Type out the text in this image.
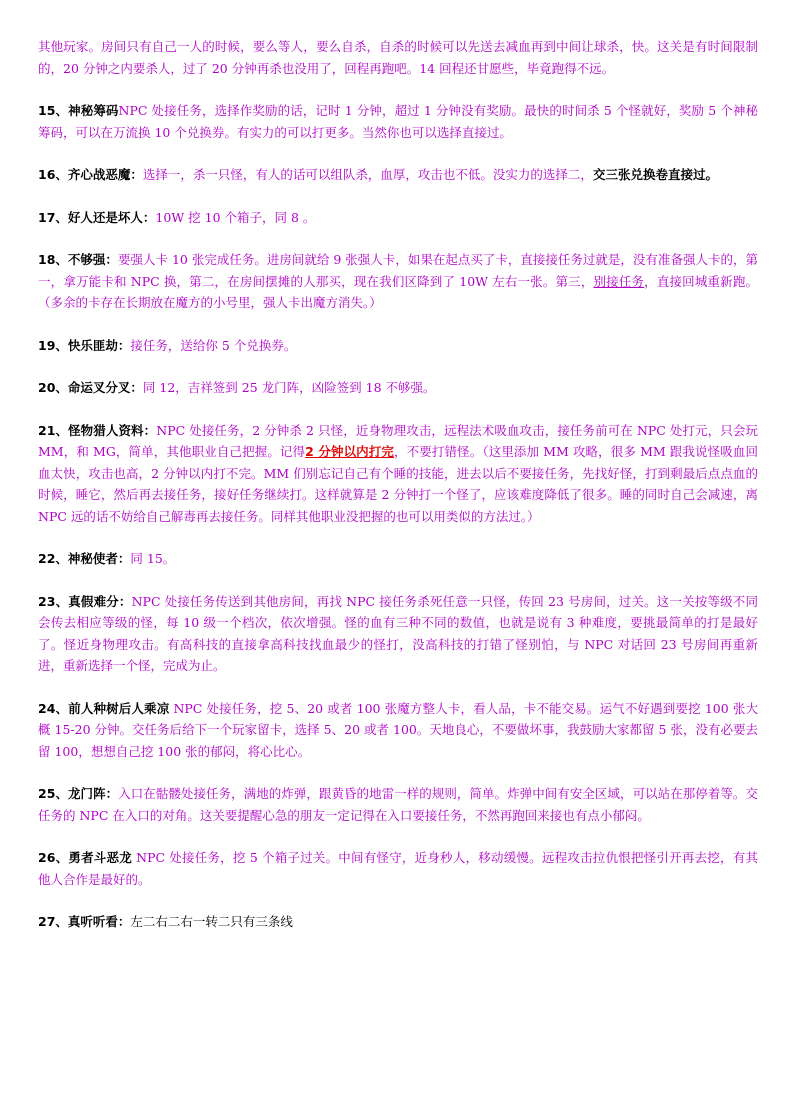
其他玩家。房间只有自己一人的时候，要么等人，要么自杀，自杀的时候可以先送去减血再到中间让球杀，快。这关是有时间限制的，20 分钟之内要杀人，过了 20 分钟再杀也没用了，回程再跑吧。14 回程还甘愿些，毕竟跑得不远。

15、神秘筹码NPC 处接任务，选择作奖励的话，记时 1 分钟，超过 1 分钟没有奖励。最快的时间杀 5 个怪就好，奖励 5 个神秘筹码，可以在万流换 10 个兑换券。有实力的可以打更多。当然你也可以选择直接过。

16、齐心战恶魔：选择一，杀一只怪，有人的话可以组队杀，血厚，攻击也不低。没实力的选择二，交三张兑换卷直接过。

17、好人还是坏人：10W 挖 10 个箱子，同 8 。

18、不够强：要强人卡 10 张完成任务。进房间就给 9 张强人卡，如果在起点买了卡，直接接任务过就是，没有准备强人卡的，第一，拿万能卡和 NPC 换，第二，在房间摆摊的人那买，现在我们区降到了 10W 左右一张。第三，别接任务，直接回城重新跑。（多余的卡存在长期放在魔方的小号里，强人卡出魔方消失。）

19、快乐匪劫：接任务，送给你 5 个兑换券。

20、命运叉分叉：同 12，吉祥签到 25 龙门阵，凶险签到 18 不够强。

21、怪物猎人资料：NPC 处接任务，2 分钟杀 2 只怪，近身物理攻击，远程法术吸血攻击，接任务前可在 NPC 处打元，只会玩 MM，和 MG，简单，其他职业自己把握。记得2 分钟以内打完，不要打错怪。（这里添加 MM 攻略，很多 MM 跟我说怪吸血回血太快，攻击也高，2 分钟以内打不完。MM 们别忘记自己有个睡的技能，进去以后不要接任务，先找好怪，打到剩最后点点血的时候，睡它，然后再去接任务，接好任务继续打。这样就算是 2 分钟打一个怪了，应该难度降低了很多。睡的同时自己会减速，离 NPC 远的话不妨给自己解毒再去接任务。同样其他职业没把握的也可以用类似的方法过。）

22、神秘使者：同 15。

23、真假难分：NPC 处接任务传送到其他房间，再找 NPC 接任务杀死任意一只怪，传回 23 号房间，过关。这一关按等级不同会传去相应等级的怪，每 10 级一个档次，依次增强。怪的血有三种不同的数值，也就是说有 3 种难度，要挑最简单的打是最好了。怪近身物理攻击。有高科技的直接拿高科技找血最少的怪打，没高科技的打错了怪别怕，与 NPC 对话回 23 号房间再重新进，重新选择一个怪，完成为止。

24、前人种树后人乘凉 NPC 处接任务，挖 5、20 或者 100 张魔方整人卡，看人品，卡不能交易。运气不好遇到要挖 100 张大概 15-20 分钟。交任务后给下一个玩家留卡，选择 5、20 或者 100。天地良心，不要做坏事，我鼓励大家都留 5 张，没有必要去留 100，想想自己挖 100 张的郁闷，将心比心。

25、龙门阵：入口在骷髅处接任务，满地的炸弹，跟黄昏的地雷一样的规则，简单。炸弹中间有安全区域，可以站在那停着等。交任务的 NPC 在入口的对角。这关要提醒心急的朋友一定记得在入口要接任务，不然再跑回来接也有点小郁闷。

26、勇者斗恶龙 NPC 处接任务，挖 5 个箱子过关。中间有怪守，近身秒人，移动缓慢。远程攻击拉仇恨把怪引开再去挖，有其他人合作是最好的。

27、真听听看：左二右二右一转二只有三条线
